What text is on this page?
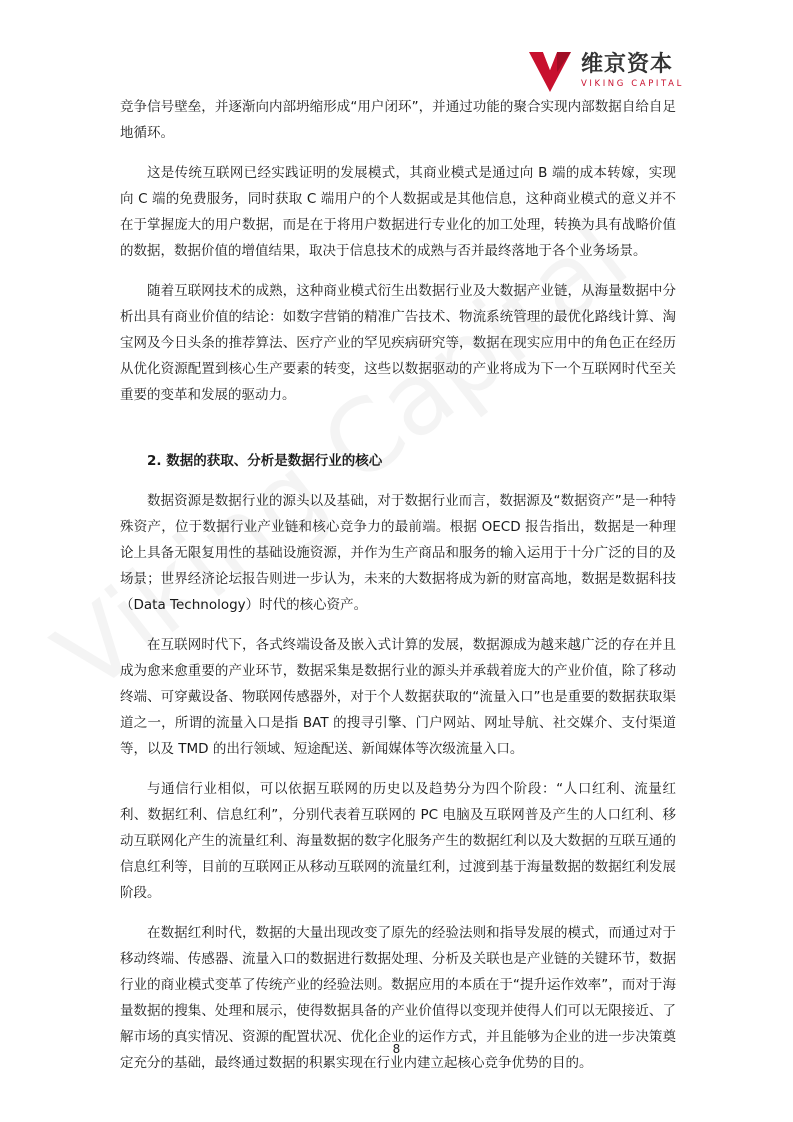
维京资本
VIKING CAPITAL

竞争信号壁垒，并逐渐向内部坍缩形成“用户闭环”，并通过功能的聚合实现内部数据自给自足地循环。

这是传统互联网已经实践证明的发展模式，其商业模式是通过向 B 端的成本转嫁，实现向 C 端的免费服务，同时获取 C 端用户的个人数据或是其他信息，这种商业模式的意义并不在于掌握庞大的用户数据，而是在于将用户数据进行专业化的加工处理，转换为具有战略价值的数据，数据价值的增值结果，取决于信息技术的成熟与否并最终落地于各个业务场景。

随着互联网技术的成熟，这种商业模式衍生出数据行业及大数据产业链，从海量数据中分析出具有商业价值的结论：如数字营销的精准广告技术、物流系统管理的最优化路线计算、淘宝网及今日头条的推荐算法、医疗产业的罕见疾病研究等，数据在现实应用中的角色正在经历从优化资源配置到核心生产要素的转变，这些以数据驱动的产业将成为下一个互联网时代至关重要的变革和发展的驱动力。

2. 数据的获取、分析是数据行业的核心

数据资源是数据行业的源头以及基础，对于数据行业而言，数据源及“数据资产”是一种特殊资产，位于数据行业产业链和核心竞争力的最前端。根据 OECD 报告指出，数据是一种理论上具备无限复用性的基础设施资源，并作为生产商品和服务的输入运用于十分广泛的目的及场景；世界经济论坛报告则进一步认为，未来的大数据将成为新的财富高地，数据是数据科技（Data Technology）时代的核心资产。

在互联网时代下，各式终端设备及嵌入式计算的发展，数据源成为越来越广泛的存在并且成为愈来愈重要的产业环节，数据采集是数据行业的源头并承载着庞大的产业价值，除了移动终端、可穿戴设备、物联网传感器外，对于个人数据获取的“流量入口”也是重要的数据获取渠道之一，所谓的流量入口是指 BAT 的搜寻引擎、门户网站、网址导航、社交媒介、支付渠道等，以及 TMD 的出行领域、短途配送、新闻媒体等次级流量入口。

与通信行业相似，可以依据互联网的历史以及趋势分为四个阶段：“人口红利、流量红利、数据红利、信息红利”，分别代表着互联网的 PC 电脑及互联网普及产生的人口红利、移动互联网化产生的流量红利、海量数据的数字化服务产生的数据红利以及大数据的互联互通的信息红利等，目前的互联网正从移动互联网的流量红利，过渡到基于海量数据的数据红利发展阶段。

在数据红利时代，数据的大量出现改变了原先的经验法则和指导发展的模式，而通过对于移动终端、传感器、流量入口的数据进行数据处理、分析及关联也是产业链的关键环节，数据行业的商业模式变革了传统产业的经验法则。数据应用的本质在于“提升运作效率”，而对于海量数据的搜集、处理和展示，使得数据具备的产业价值得以变现并使得人们可以无限接近、了解市场的真实情况、资源的配置状况、优化企业的运作方式，并且能够为企业的进一步决策奠定充分的基础，最终通过数据的积累实现在行业内建立起核心竞争优势的目的。

8
